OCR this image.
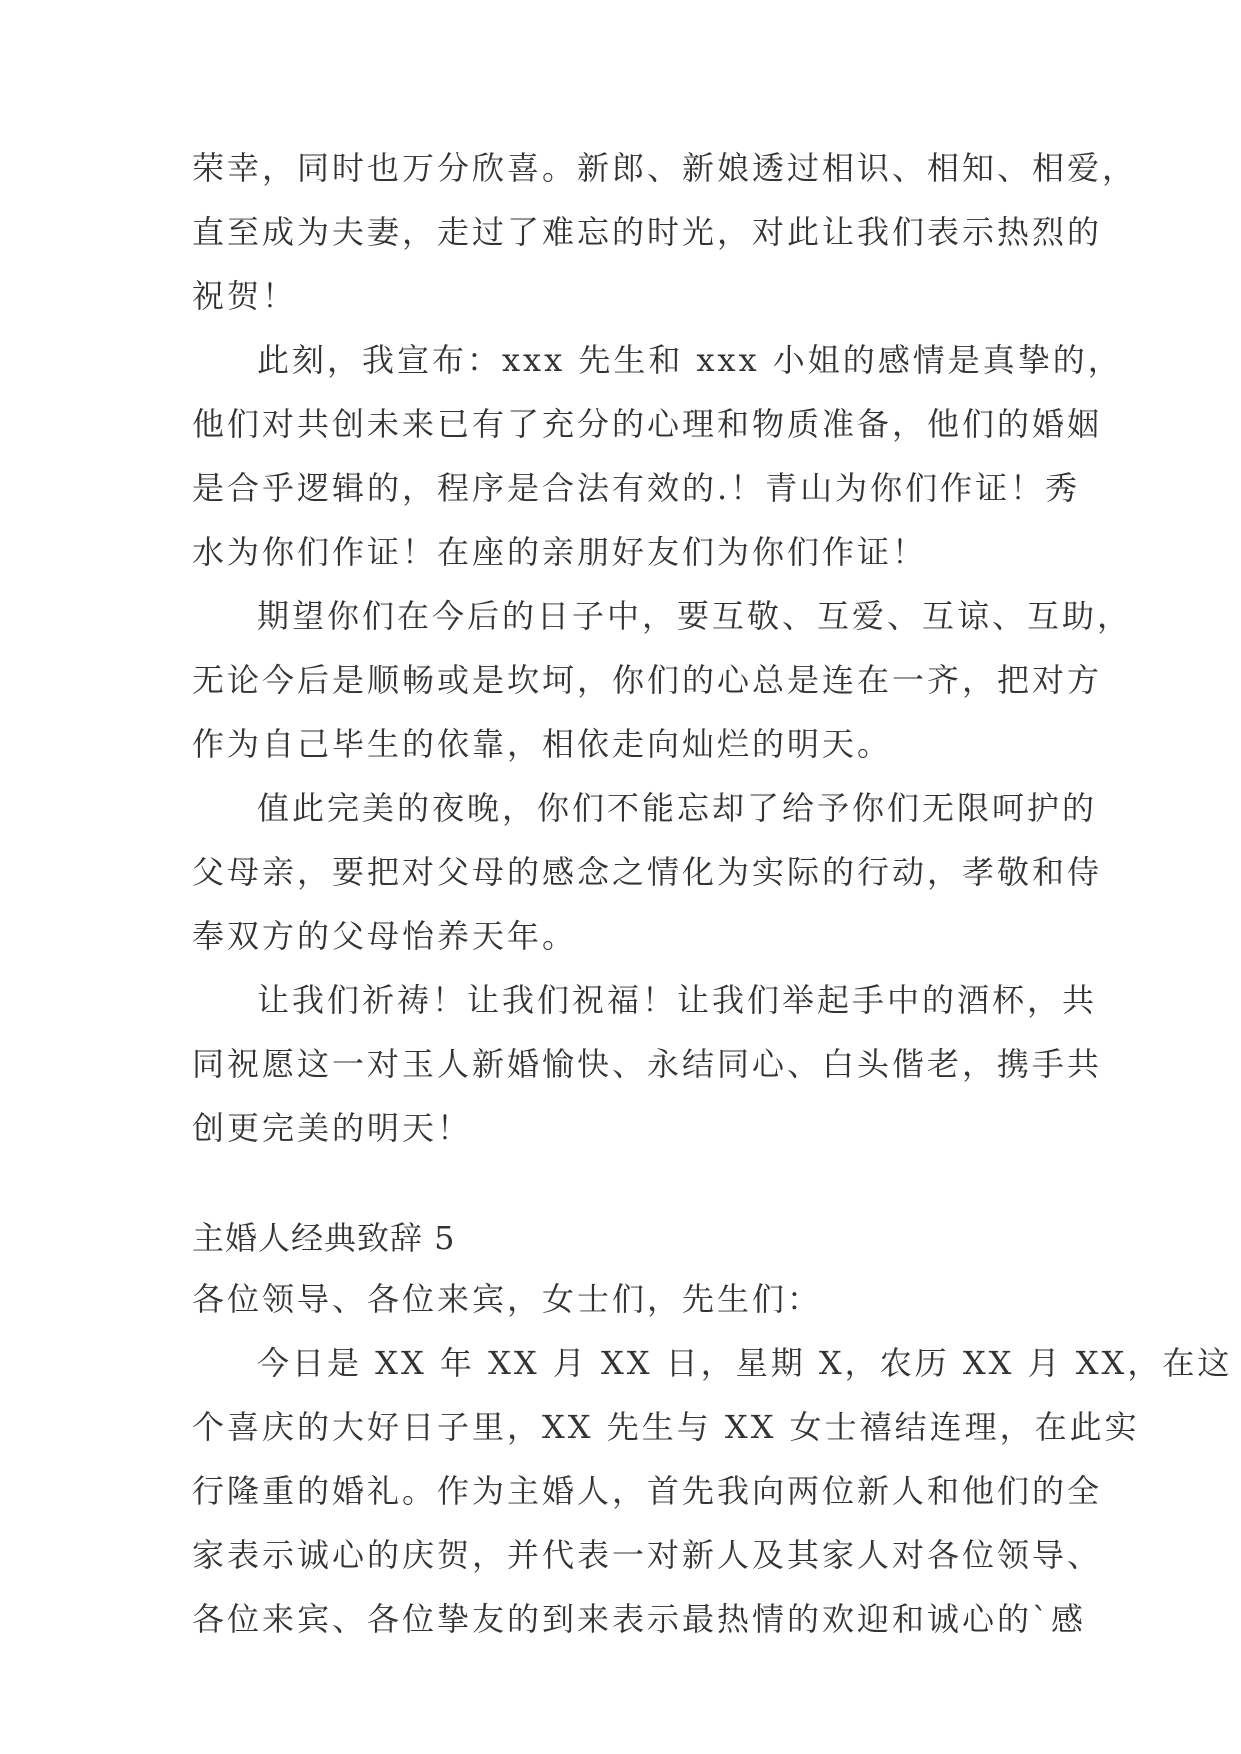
荣幸，同时也万分欣喜。新郎、新娘透过相识、相知、相爱，
直至成为夫妻，走过了难忘的时光，对此让我们表示热烈的
祝贺！
此刻，我宣布：xxx 先生和 xxx 小姐的感情是真挚的，
他们对共创未来已有了充分的心理和物质准备，他们的婚姻
是合乎逻辑的，程序是合法有效的.！青山为你们作证！秀
水为你们作证！在座的亲朋好友们为你们作证！
期望你们在今后的日子中，要互敬、互爱、互谅、互助，
无论今后是顺畅或是坎坷，你们的心总是连在一齐，把对方
作为自己毕生的依靠，相依走向灿烂的明天。
值此完美的夜晚，你们不能忘却了给予你们无限呵护的
父母亲，要把对父母的感念之情化为实际的行动，孝敬和侍
奉双方的父母怡养天年。
让我们祈祷！让我们祝福！让我们举起手中的酒杯，共
同祝愿这一对玉人新婚愉快、永结同心、白头偕老，携手共
创更完美的明天！
主婚人经典致辞 5
各位领导、各位来宾，女士们，先生们：
今日是 XX 年 XX 月 XX 日，星期 X，农历 XX 月 XX，在这
个喜庆的大好日子里，XX 先生与 XX 女士禧结连理，在此实
行隆重的婚礼。作为主婚人，首先我向两位新人和他们的全
家表示诚心的庆贺，并代表一对新人及其家人对各位领导、
各位来宾、各位挚友的到来表示最热情的欢迎和诚心的`感
